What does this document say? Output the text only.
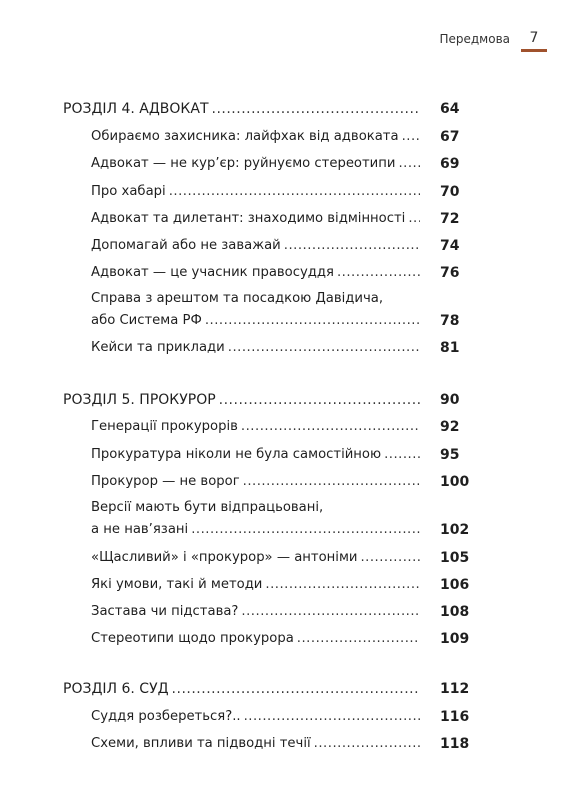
Передмова	7
РОЗДІЛ 4. АДВОКАТ .....	64
Обираємо захисника: лайфхак від адвоката .....	67
Адвокат — не кур’єр: руйнуємо стереотипи .....	69
Про хабарі .....	70
Адвокат та дилетант: знаходимо відмінності ..... 72
Допомагай або не заважай .....	74
Адвокат — це учасник правосуддя .....	76
Справа з арештом та посадкою Давідича,
або Система РФ .....	78
Кейси та приклади .....	81
РОЗДІЛ 5. ПРОКУРОР .....	90
Генерації прокурорів .....	92
Прокуратура ніколи не була самостійною .....	95
Прокурор — не ворог .....	100
Версії мають бути відпрацьовані,
а не нав’язані .....	102
«Щасливий» і «прокурор» — антоніми .....	105
Які умови, такі й методи .....	106
Застава чи підстава? .....	108
Стереотипи щодо прокурора .....	109
РОЗДІЛ 6. СУД .....	112
Суддя розбереться?.. .....	116
Схеми, впливи та підводні течії .....	118
